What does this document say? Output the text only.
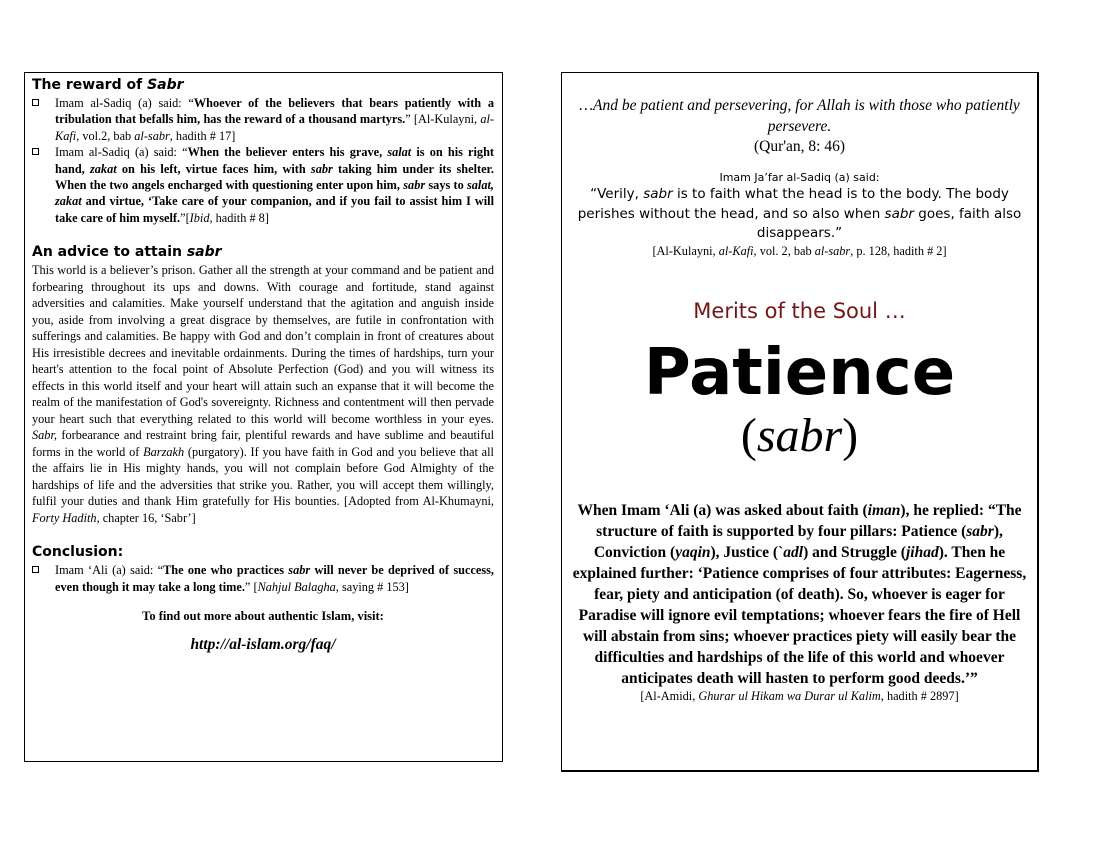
The reward of Sabr
Imam al-Sadiq (a) said: “Whoever of the believers that bears patiently with a tribulation that befalls him, has the reward of a thousand martyrs.” [Al-Kulayni, al-Kafi, vol.2, bab al-sabr, hadith # 17]
Imam al-Sadiq (a) said: “When the believer enters his grave, salat is on his right hand, zakat on his left, virtue faces him, with sabr taking him under its shelter. When the two angels encharged with questioning enter upon him, sabr says to salat, zakat and virtue, ‘Take care of your companion, and if you fail to assist him I will take care of him myself.”[Ibid, hadith # 8]
An advice to attain sabr

This world is a believer’s prison. Gather all the strength at your command and be patient and forbearing throughout its ups and downs. With courage and fortitude, stand against adversities and calamities. Make yourself understand that the agitation and anguish inside you, aside from involving a great disgrace by themselves, are futile in confrontation with sufferings and calamities. Be happy with God and don’t complain in front of creatures about His irresistible decrees and inevitable ordainments. During the times of hardships, turn your heart's attention to the focal point of Absolute Perfection (God) and you will witness its effects in this world itself and your heart will attain such an expanse that it will become the realm of the manifestation of God's sovereignty. Richness and contentment will then pervade your heart such that everything related to this world will become worthless in your eyes. Sabr, forbearance and restraint bring fair, plentiful rewards and have sublime and beautiful forms in the world of Barzakh (purgatory). If you have faith in God and you believe that all the affairs lie in His mighty hands, you will not complain before God Almighty of the hardships of life and the adversities that strike you. Rather, you will accept them willingly, fulfil your duties and thank Him gratefully for His bounties. [Adopted from Al-Khumayni, Forty Hadith, chapter 16, ‘Sabr’]

Conclusion:
Imam ‘Ali (a) said: “The one who practices sabr will never be deprived of success, even though it may take a long time.” [Nahjul Balagha, saying # 153]
To find out more about authentic Islam, visit:
http://al-islam.org/faq/
…And be patient and persevering, for Allah is with those who patiently persevere.
(Qur'an, 8: 46)
Imam Ja’far al-Sadiq (a) said:
“Verily, sabr is to faith what the head is to the body. The body perishes without the head, and so also when sabr goes, faith also disappears.”
[Al-Kulayni, al-Kafi, vol. 2, bab al-sabr, p. 128, hadith # 2]
Merits of the Soul …
Patience
(sabr)
When Imam ‘Ali (a) was asked about faith (iman), he replied: “The structure of faith is supported by four pillars: Patience (sabr), Conviction (yaqin), Justice (`adl) and Struggle (jihad). Then he explained further: ‘Patience comprises of four attributes: Eagerness, fear, piety and anticipation (of death). So, whoever is eager for Paradise will ignore evil temptations; whoever fears the fire of Hell will abstain from sins; whoever practices piety will easily bear the difficulties and hardships of the life of this world and whoever anticipates death will hasten to perform good deeds.’”
[Al-Amidi, Ghurar ul Hikam wa Durar ul Kalim, hadith # 2897]
